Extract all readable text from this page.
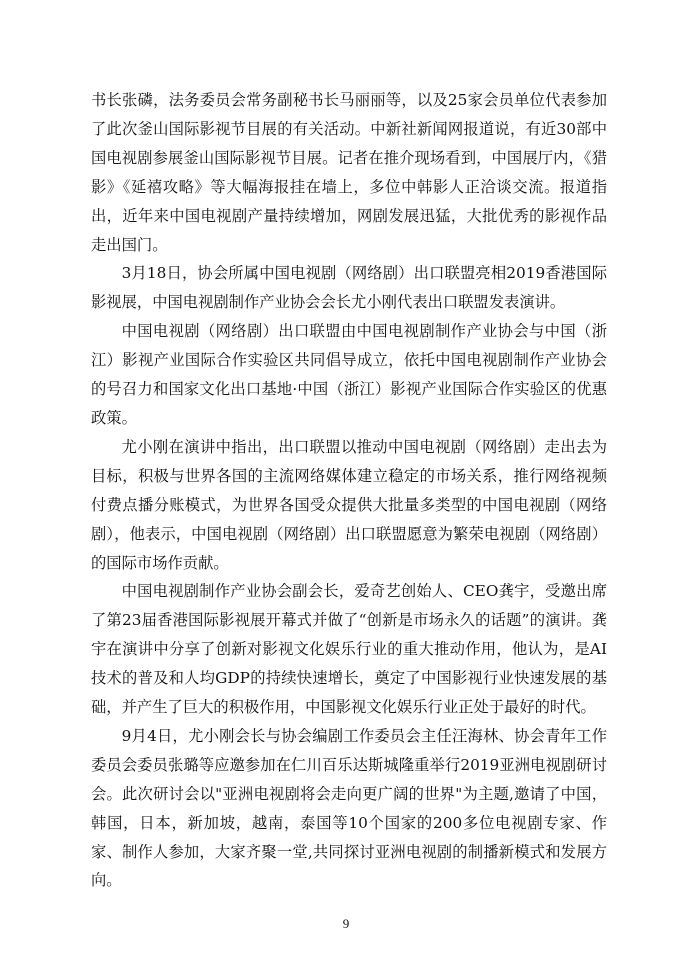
书长张磷，法务委员会常务副秘书长马丽丽等，以及25家会员单位代表参加了此次釜山国际影视节目展的有关活动。中新社新闻网报道说，有近30部中国电视剧参展釜山国际影视节目展。记者在推介现场看到，中国展厅内，《猎影》《延禧攻略》等大幅海报挂在墙上，多位中韩影人正洽谈交流。报道指出，近年来中国电视剧产量持续增加，网剧发展迅猛，大批优秀的影视作品走出国门。

3月18日，协会所属中国电视剧（网络剧）出口联盟亮相2019香港国际影视展，中国电视剧制作产业协会会长尤小刚代表出口联盟发表演讲。

中国电视剧（网络剧）出口联盟由中国电视剧制作产业协会与中国（浙江）影视产业国际合作实验区共同倡导成立，依托中国电视剧制作产业协会的号召力和国家文化出口基地·中国（浙江）影视产业国际合作实验区的优惠政策。

尤小刚在演讲中指出，出口联盟以推动中国电视剧（网络剧）走出去为目标，积极与世界各国的主流网络媒体建立稳定的市场关系，推行网络视频付费点播分账模式，为世界各国受众提供大批量多类型的中国电视剧（网络剧），他表示，中国电视剧（网络剧）出口联盟愿意为繁荣电视剧（网络剧）的国际市场作贡献。

中国电视剧制作产业协会副会长，爱奇艺创始人、CEO龚宇，受邀出席了第23届香港国际影视展开幕式并做了“创新是市场永久的话题”的演讲。龚宇在演讲中分享了创新对影视文化娱乐行业的重大推动作用，他认为，是AI技术的普及和人均GDP的持续快速增长，奠定了中国影视行业快速发展的基础，并产生了巨大的积极作用，中国影视文化娱乐行业正处于最好的时代。

9月4日，尤小刚会长与协会编剧工作委员会主任汪海林、协会青年工作委员会委员张璐等应邀参加在仁川百乐达斯城隆重举行2019亚洲电视剧研讨会。此次研讨会以"亚洲电视剧将会走向更广阔的世界"为主题,邀请了中国，韩国，日本，新加坡，越南，泰国等10个国家的200多位电视剧专家、作家、制作人参加，大家齐聚一堂,共同探讨亚洲电视剧的制播新模式和发展方向。

9
